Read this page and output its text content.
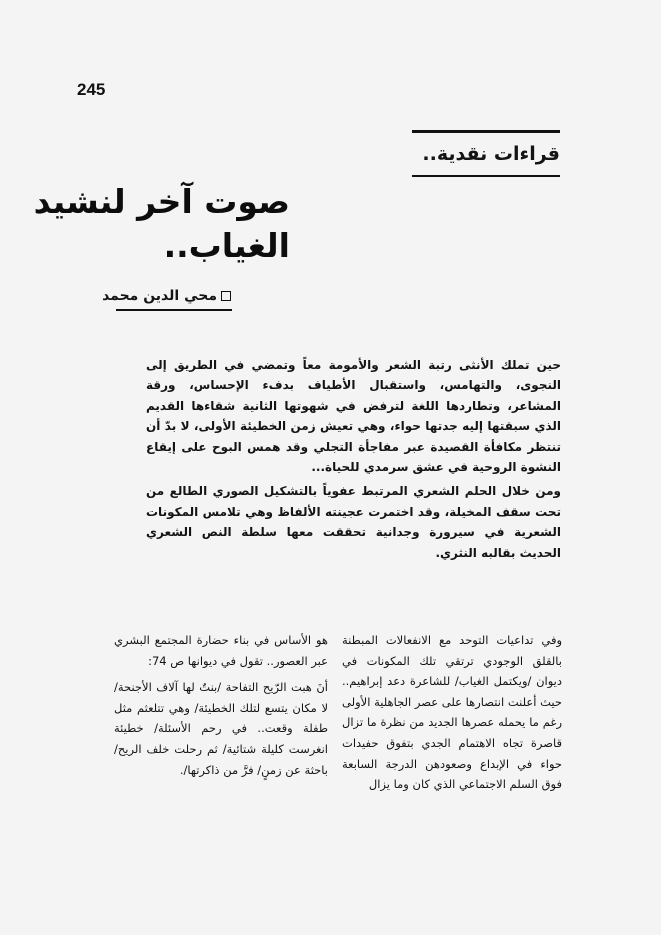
245
قراءات نقدية..
صوت آخر لنشيد
الغياب..
محي الدين محمد

حين تملك الأنثى رتبة الشعر والأمومة معاً وتمضي في الطريق إلى النجوى، والتهامس، واستقبال الأطياف بدفء الإحساس، ورقة المشاعر، وتطاردها اللغة لترفض في شهوتها الثانية شقاءها القديم الذي سبقتها إليه جدتها حواء، وهي تعيش زمن الخطيئة الأولى، لا بدّ أن تنتظر مكافأة القصيدة عبر مفاجأة التجلي وقد همس البوح على إيقاع النشوة الروحية في عشق سرمدي للحياة...

ومن خلال الحلم الشعري المرتبط عفوياً بالتشكيل الصوري الطالع من تحت سقف المخيلة، وقد اختمرت عجينته الألفاظ وهي تلامس المكونات الشعرية في سيرورة وجدانية تحققت معها سلطة النص الشعري الحديث بقالبه النثري.

وفي تداعيات التوحد مع الانفعالات المبطنة بالقلق الوجودي ترتقي تلك المكونات في ديوان /ويكتمل الغياب/ للشاعرة دعد إبراهيم.. حيث أعلنت انتصارها على عصر الجاهلية الأولى رغم ما يحمله عصرها الجديد من نظرة ما تزال قاصرة تجاه الاهتمام الجدي بتفوق حفيدات حواء في الإبداع وصعودهن الدرجة السابعة فوق السلم الاجتماعي الذي كان وما يزال

هو الأساس في بناء حضارة المجتمع البشري عبر العصور.. تقول في ديوانها ص 74:

أنَ هبت الرّيح التفاحة /بنتٌ لها آلاف الأجنحة/ لا مكان يتسع لتلك الخطيئة/ وهي تتلعثم مثل طفلة وقعت.. في رحم الأسئلة/ خطيئة انغرست كليلة شتائية/ ثم رحلت خلف الريح/ باحثة عن زمنٍ/ فرَّ من ذاكرتها/.
